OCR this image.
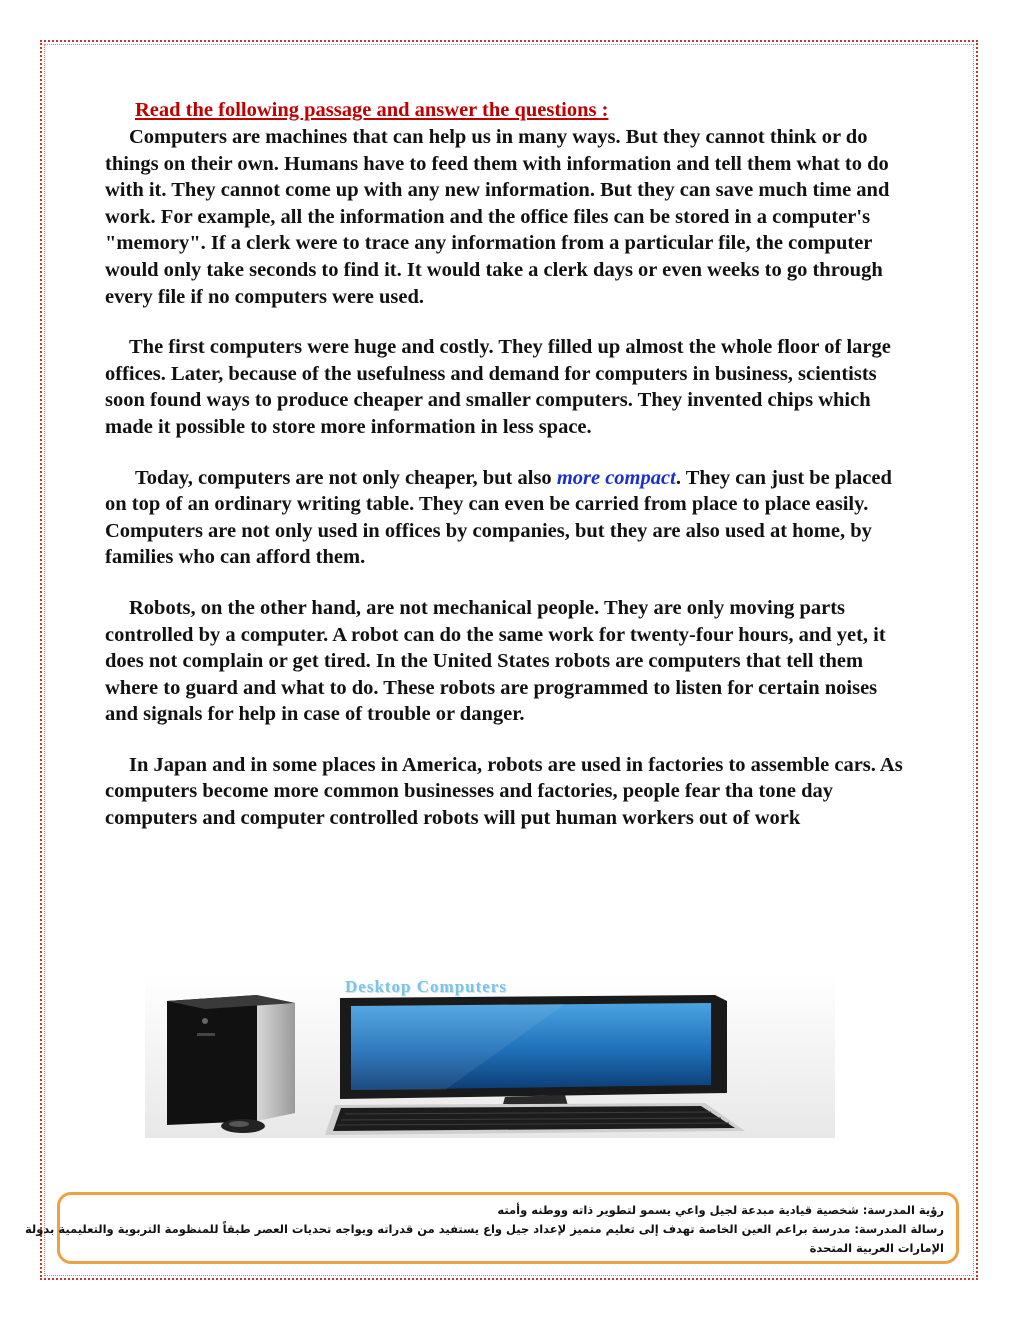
Read the following passage and answer the questions :

Computers are machines that can help us in many ways. But they cannot think or do things on their own. Humans have to feed them with information and tell them what to do with it. They cannot come up with any new information. But they can save much time and work. For example, all the information and the office files can be stored in a computer's "memory". If a clerk were to trace any information from a particular file, the computer would only take seconds to find it. It would take a clerk days or even weeks to go through every file if no computers were used.

The first computers were huge and costly. They filled up almost the whole floor of large offices. Later, because of the usefulness and demand for computers in business, scientists soon found ways to produce cheaper and smaller computers. They invented chips which made it possible to store more information in less space.

Today, computers are not only cheaper, but also more compact. They can just be placed on top of an ordinary writing table. They can even be carried from place to place easily. Computers are not only used in offices by companies, but they are also used at home, by families who can afford them.

Robots, on the other hand, are not mechanical people. They are only moving parts controlled by a computer. A robot can do the same work for twenty-four hours, and yet, it does not complain or get tired. In the United States robots are computers that tell them where to guard and what to do. These robots are programmed to listen for certain noises and signals for help in case of trouble or danger.

In Japan and in some places in America, robots are used in factories to assemble cars. As computers become more common businesses and factories, people fear tha tone day computers and computer controlled robots will put human workers out of work

Desktop Computers
رؤية المدرسة: شخصية قيادية مبدعة لجيل واعي يسمو لتطوير ذاته ووطنه وأمته
رسالة المدرسة: مدرسة براعم العين الخاصة تهدف إلى تعليم متميز لإعداد جيل واع يستفيد من قدراته ويواجه تحديات العصر طبقاً للمنظومة التربوية والتعليمية بدولة
الإمارات العربية المتحدة
